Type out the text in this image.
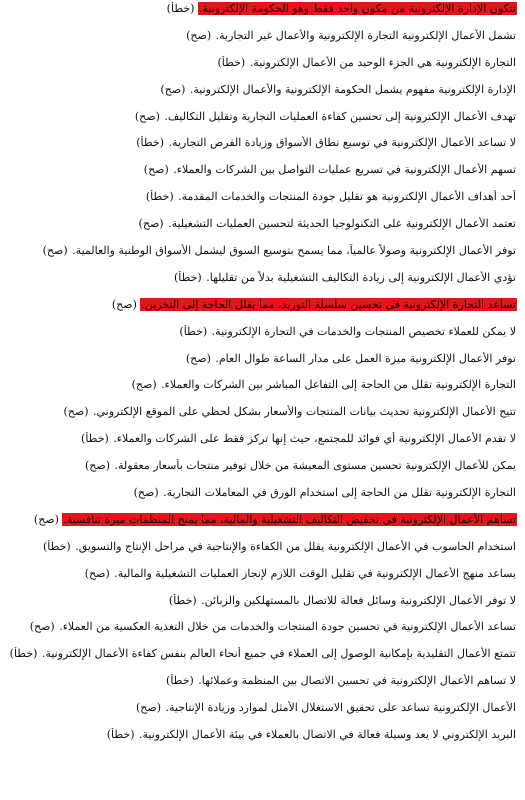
تتكون الإدارة الإلكترونية من مكون واحد فقط وهو الحكومة الإلكترونية. (خطأ)
تشمل الأعمال الإلكترونية التجارة الإلكترونية والأعمال غير التجارية. (صح)
التجارة الإلكترونية هي الجزء الوحيد من الأعمال الإلكترونية. (خطأ)
الإدارة الإلكترونية مفهوم يشمل الحكومة الإلكترونية والأعمال الإلكترونية. (صح)
تهدف الأعمال الإلكترونية إلى تحسين كفاءة العمليات التجارية وتقليل التكاليف. (صح)
لا تساعد الأعمال الإلكترونية في توسيع نطاق الأسواق وزيادة الفرص التجارية. (خطأ)
تسهم الأعمال الإلكترونية في تسريع عمليات التواصل بين الشركات والعملاء. (صح)
أحد أهداف الأعمال الإلكترونية هو تقليل جودة المنتجات والخدمات المقدمة. (خطأ)
تعتمد الأعمال الإلكترونية على التكنولوجيا الحديثة لتحسين العمليات التشغيلية. (صح)
توفر الأعمال الإلكترونية وصولاً عالمياً، مما يسمح بتوسيع السوق ليشمل الأسواق الوطنية والعالمية. (صح)
تؤدي الأعمال الإلكترونية إلى زيادة التكاليف التشغيلية بدلاً من تقليلها. (خطأ)
تساعد التجارة الإلكترونية في تحسين سلسلة التوريد، مما يقلل الحاجة إلى التخزين. (صح)
لا يمكن للعملاء تخصيص المنتجات والخدمات في التجارة الإلكترونية. (خطأ)
توفر الأعمال الإلكترونية ميزة العمل على مدار الساعة طوال العام. (صح)
التجارة الإلكترونية تقلل من الحاجة إلى التفاعل المباشر بين الشركات والعملاء. (صح)
تتيح الأعمال الإلكترونية تحديث بيانات المنتجات والأسعار بشكل لحظي على الموقع الإلكتروني. (صح)
لا تقدم الأعمال الإلكترونية أي فوائد للمجتمع، حيث إنها تركز فقط على الشركات والعملاء. (خطأ)
يمكن للأعمال الإلكترونية تحسين مستوى المعيشة من خلال توفير منتجات بأسعار معقولة. (صح)
التجارة الإلكترونية تقلل من الحاجة إلى استخدام الورق في المعاملات التجارية. (صح)
تساهم الأعمال الإلكترونية في تخفيض التكاليف التشغيلية والمالية، مما يمنح المنظمات ميزة تنافسية. (صح)
استخدام الحاسوب في الأعمال الإلكترونية يقلل من الكفاءة والإنتاجية في مراحل الإنتاج والتسويق. (خطأ)
يساعد منهج الأعمال الإلكترونية في تقليل الوقت اللازم لإنجاز العمليات التشغيلية والمالية. (صح)
لا توفر الأعمال الإلكترونية وسائل فعالة للاتصال بالمستهلكين والزبائن. (خطأ)
تساعد الأعمال الإلكترونية في تحسين جودة المنتجات والخدمات من خلال التغذية العكسية من العملاء. (صح)
تتمتع الأعمال التقليدية بإمكانية الوصول إلى العملاء في جميع أنحاء العالم بنفس كفاءة الأعمال الإلكترونية. (خطأ)
لا تساهم الأعمال الإلكترونية في تحسين الاتصال بين المنظمة وعملائها. (خطأ)
الأعمال الإلكترونية تساعد على تحقيق الاستغلال الأمثل لموارد وزيادة الإنتاجية. (صح)
البريد الإلكتروني لا يعد وسيلة فعالة في الاتصال بالعملاء في بيئة الأعمال الإلكترونية. (خطأ)
